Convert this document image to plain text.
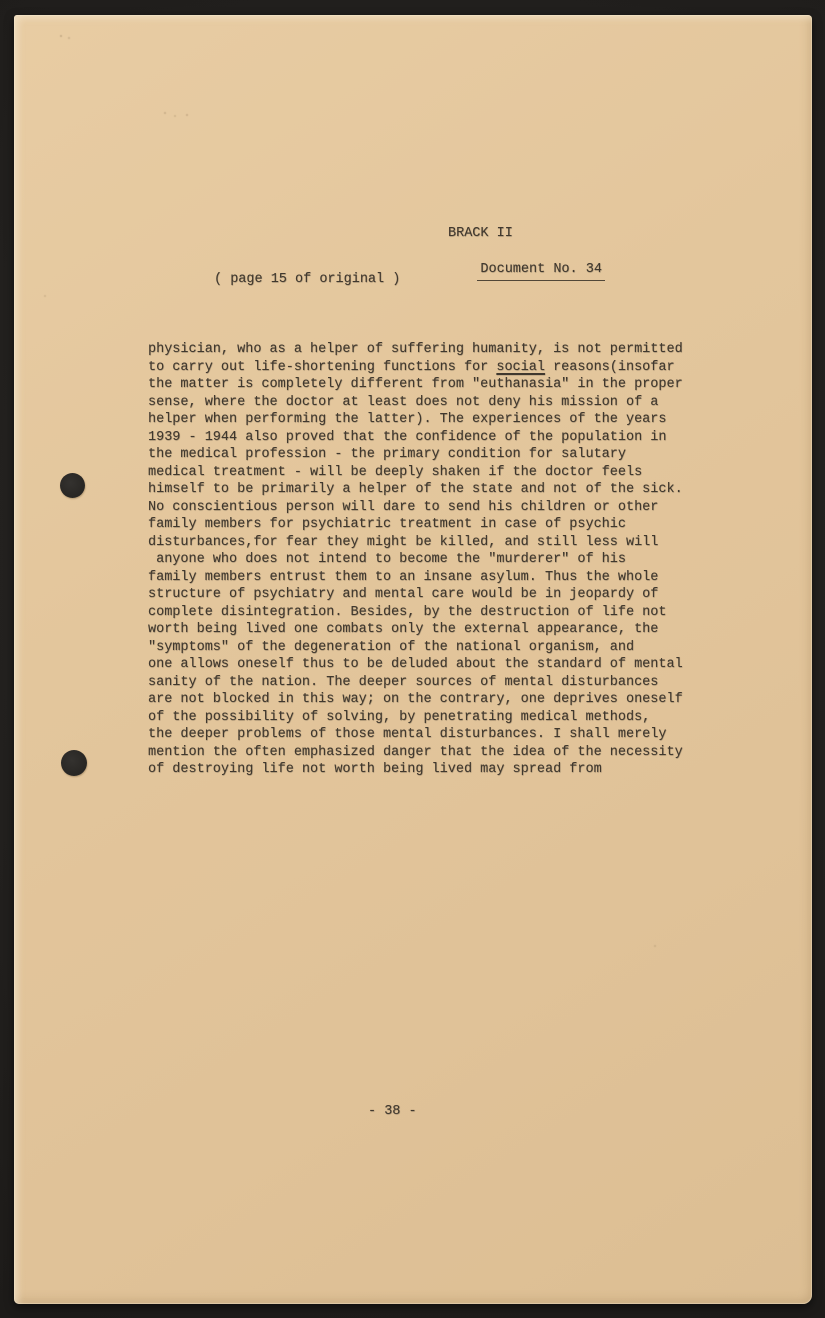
BRACK II

Document No. 34

( page 15 of original )
physician, who as a helper of suffering humanity, is not permitted
to carry out life-shortening functions for social reasons(insofar
the matter is completely different from "euthanasia" in the proper
sense, where the doctor at least does not deny his mission of a
helper when performing the latter). The experiences of the years
1939 - 1944 also proved that the confidence of the population in
the medical profession - the primary condition for salutary
medical treatment - will be deeply shaken if the doctor feels
himself to be primarily a helper of the state and not of the sick.
No conscientious person will dare to send his children or other
family members for psychiatric treatment in case of psychic
disturbances,for fear they might be killed, and still less will
anyone who does not intend to become the "murderer" of his
family members entrust them to an insane asylum. Thus the whole
structure of psychiatry and mental care would be in jeopardy of
complete disintegration. Besides, by the destruction of life not
worth being lived one combats only the external appearance, the
"symptoms" of the degeneration of the national organism, and
one allows oneself thus to be deluded about the standard of mental
sanity of the nation. The deeper sources of mental disturbances
are not blocked in this way; on the contrary, one deprives oneself
of the possibility of solving, by penetrating medical methods,
the deeper problems of those mental disturbances. I shall merely
mention the often emphasized danger that the idea of the necessity
of destroying life not worth being lived may spread from
- 38 -
